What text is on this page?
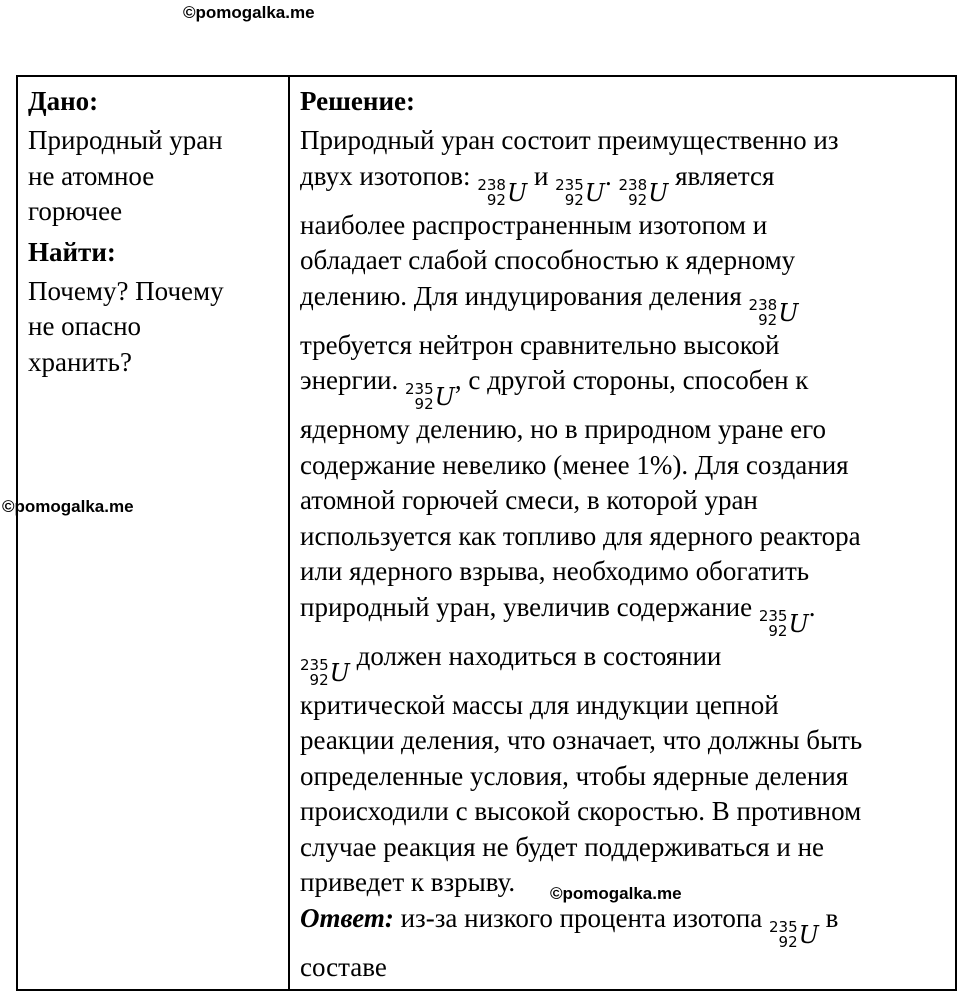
©pomogalka.me
©pomogalka.me
©pomogalka.me
Дано:
Природный уран
не атомное
горючее
Найти:
Почему? Почему
не опасно
хранить?

Решение:
Природный уран состоит преимущественно из
двух изотопов: 238
92 U
и 235
92 U
. 238
92 U
является
наиболее распространенным изотопом и
обладает слабой способностью к ядерному
делению. Для индуцирования деления 238
92 U
требуется нейтрон сравнительно высокой
энергии. 235
92 U
, с другой стороны, способен к
ядерному делению, но в природном уране его
содержание невелико (менее 1%). Для создания
атомной горючей смеси, в которой уран
используется как топливо для ядерного реактора
или ядерного взрыва, необходимо обогатить
природный уран, увеличив содержание 235
92 U
.
235
92 U
должен находиться в состоянии
критической массы для индукции цепной
реакции деления, что означает, что должны быть
определенные условия, чтобы ядерные деления
происходили с высокой скоростью. В противном
случае реакция не будет поддерживаться и не
приведет к взрыву.
Ответ: из-за низкого процента изотопа 235
92 U
в
составе
